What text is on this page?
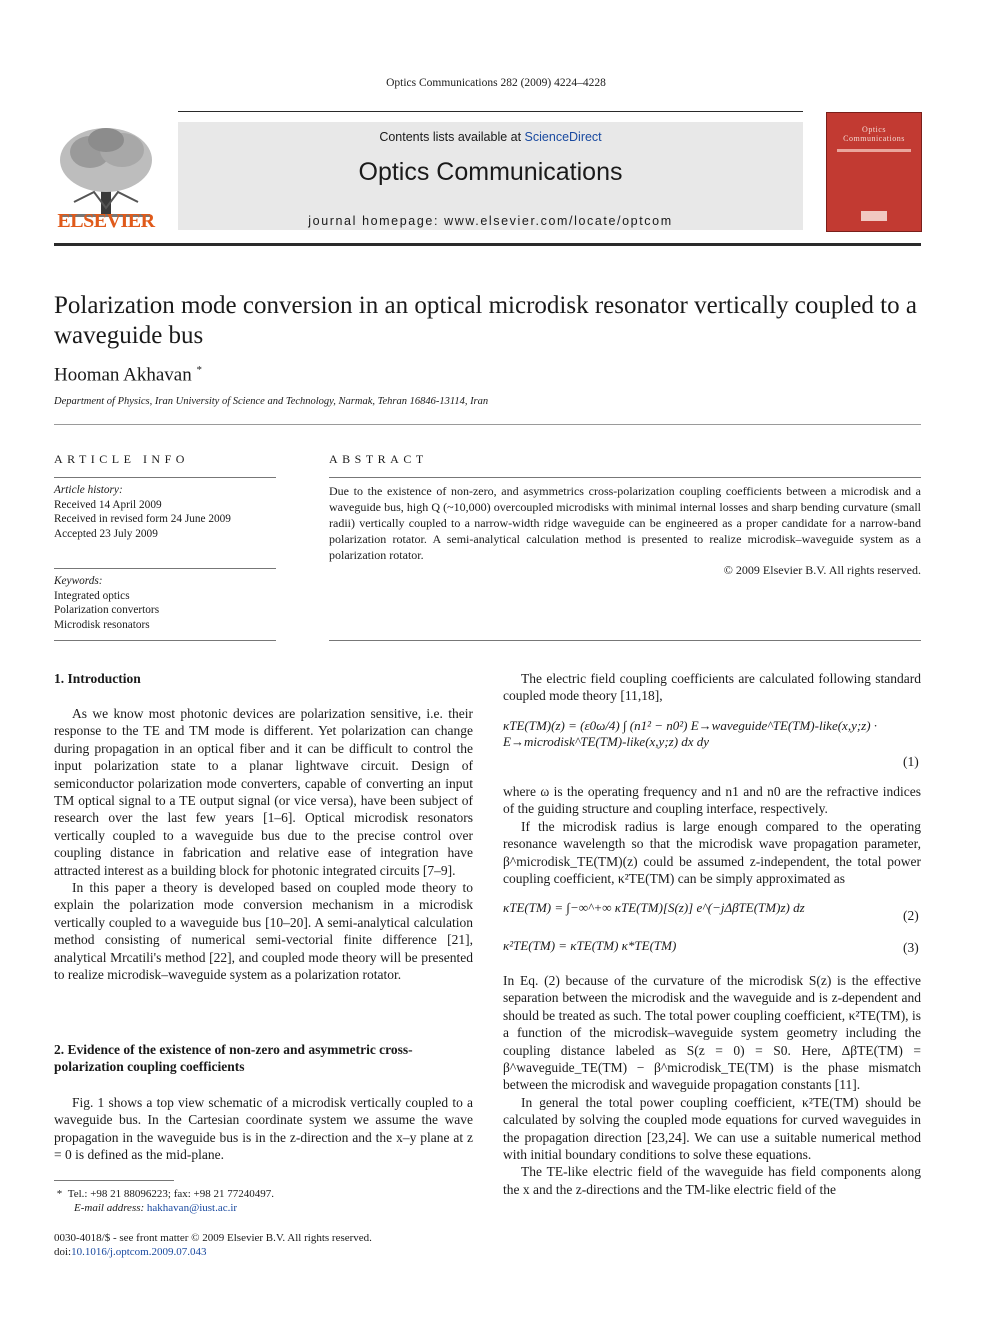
Optics Communications 282 (2009) 4224–4228
ELSEVIER
Contents lists available at ScienceDirect
Optics Communications
journal homepage: www.elsevier.com/locate/optcom
Optics Communications
Polarization mode conversion in an optical microdisk resonator vertically coupled to a waveguide bus
Hooman Akhavan *
Department of Physics, Iran University of Science and Technology, Narmak, Tehran 16846-13114, Iran
ARTICLE INFO
Article history:
Received 14 April 2009
Received in revised form 24 June 2009
Accepted 23 July 2009
Keywords:
Integrated optics
Polarization convertors
Microdisk resonators
ABSTRACT
Due to the existence of non-zero, and asymmetrics cross-polarization coupling coefficients between a microdisk and a waveguide bus, high Q (~10,000) overcoupled microdisks with minimal internal losses and sharp bending curvature (small radii) vertically coupled to a narrow-width ridge waveguide can be engineered as a proper candidate for a narrow-band polarization rotator. A semi-analytical calculation method is presented to realize microdisk–waveguide system as a polarization rotator.
© 2009 Elsevier B.V. All rights reserved.
1. Introduction

As we know most photonic devices are polarization sensitive, i.e. their response to the TE and TM mode is different. Yet polarization can change during propagation in an optical fiber and it can be difficult to control the input polarization state to a planar lightwave circuit. Design of semiconductor polarization mode converters, capable of converting an input TM optical signal to a TE output signal (or vice versa), have been subject of research over the last few years [1–6]. Optical microdisk resonators vertically coupled to a waveguide bus due to the precise control over coupling distance in fabrication and relative ease of integration have attracted interest as a building block for photonic integrated circuits [7–9].

In this paper a theory is developed based on coupled mode theory to explain the polarization mode conversion mechanism in a microdisk vertically coupled to a waveguide bus [10–20]. A semi-analytical calculation method consisting of numerical semi-vectorial finite difference [21], analytical Mrcatili's method [22], and coupled mode theory will be presented to realize microdisk–waveguide system as a polarization rotator.

2. Evidence of the existence of non-zero and asymmetric cross-polarization coupling coefficients

Fig. 1 shows a top view schematic of a microdisk vertically coupled to a waveguide bus. In the Cartesian coordinate system we assume the wave propagation in the waveguide bus is in the z-direction and the x–y plane at z = 0 is defined as the mid-plane.

The electric field coupling coefficients are calculated following standard coupled mode theory [11,18],

κTE(TM)(z) = (ε0ω/4) ∫ (n1² − n0²) E→waveguide^TE(TM)-like(x,y;z) · E→microdisk^TE(TM)-like(x,y;z) dx dy
(1)

where ω is the operating frequency and n1 and n0 are the refractive indices of the guiding structure and coupling interface, respectively.

If the microdisk radius is large enough compared to the operating resonance wavelength so that the microdisk wave propagation parameter, β^microdisk_TE(TM)(z) could be assumed z-independent, the total power coupling coefficient, κ²TE(TM) can be simply approximated as

κTE(TM) = ∫−∞^+∞ κTE(TM)[S(z)] e^(−jΔβTE(TM)z) dz
(2)
κ²TE(TM) = κTE(TM) κ*TE(TM)	(3)

In Eq. (2) because of the curvature of the microdisk S(z) is the effective separation between the microdisk and the waveguide and is z-dependent and should be treated as such. The total power coupling coefficient, κ²TE(TM), is a function of the microdisk–waveguide system geometry including the coupling distance labeled as S(z = 0) = S0. Here, ΔβTE(TM) = β^waveguide_TE(TM) − β^microdisk_TE(TM) is the phase mismatch between the microdisk and waveguide propagation constants [11].

In general the total power coupling coefficient, κ²TE(TM) should be calculated by solving the coupled mode equations for curved waveguides in the propagation direction [23,24]. We can use a suitable numerical method with initial boundary conditions to solve these equations.

The TE-like electric field of the waveguide has field components along the x and the z-directions and the TM-like electric field of the

* Tel.: +98 21 88096223; fax: +98 21 77240497.
E-mail address: hakhavan@iust.ac.ir
0030-4018/$ - see front matter © 2009 Elsevier B.V. All rights reserved.
doi:10.1016/j.optcom.2009.07.043
